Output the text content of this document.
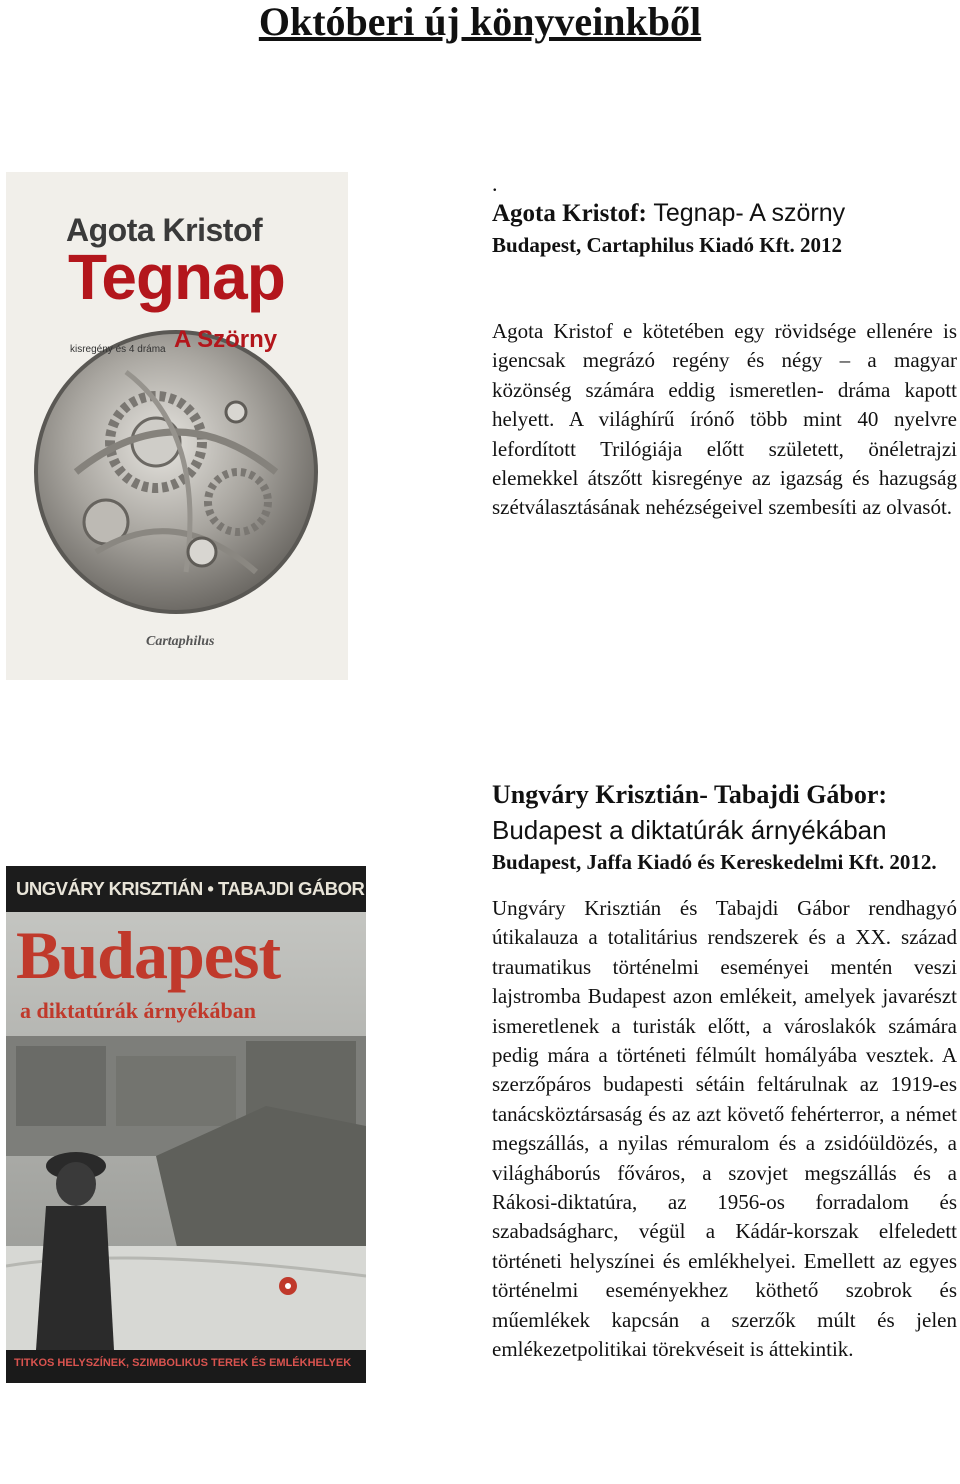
Októberi új könyveinkből
Agota Kristof
Tegnap
kisregény és 4 dráma A Szörny
Cartaphilus
.
Agota Kristof: Tegnap- A szörny
Budapest, Cartaphilus Kiadó Kft. 2012

Agota Kristof e kötetében egy rövidsége ellenére is igencsak megrázó regény és négy – a magyar közönség számára eddig ismeretlen- dráma kapott helyett. A világhírű írónő több mint 40 nyelvre lefordított Trilógiája előtt született, önéletrajzi elemekkel átszőtt kisregénye az igazság és hazugság szétválasztásának nehézségeivel szembesíti az olvasót.

UNGVÁRY KRISZTIÁN • TABAJDI GÁBOR
Budapest
a diktatúrák árnyékában
TITKOS HELYSZÍNEK, SZIMBOLIKUS TEREK ÉS EMLÉKHELYEK
Ungváry Krisztián- Tabajdi Gábor:
Budapest a diktatúrák árnyékában
Budapest, Jaffa Kiadó és Kereskedelmi Kft. 2012.

Ungváry Krisztián és Tabajdi Gábor rendhagyó útikalauza a totalitárius rendszerek és a XX. század traumatikus történelmi eseményei mentén veszi lajstromba Budapest azon emlékeit, amelyek javarészt ismeretlenek a turisták előtt, a városlakók számára pedig mára a történeti félmúlt homályába vesztek. A szerzőpáros budapesti sétáin feltárulnak az 1919-es tanácsköztársaság és az azt követő fehérterror, a német megszállás, a nyilas rémuralom és a zsidóüldözés, a világháborús főváros, a szovjet megszállás és a Rákosi-diktatúra, az 1956-os forradalom és szabadságharc, végül a Kádár-korszak elfeledett történeti helyszínei és emlékhelyei. Emellett az egyes történelmi eseményekhez köthető szobrok és műemlékek kapcsán a szerzők múlt és jelen emlékezetpolitikai törekvéseit is áttekintik.
